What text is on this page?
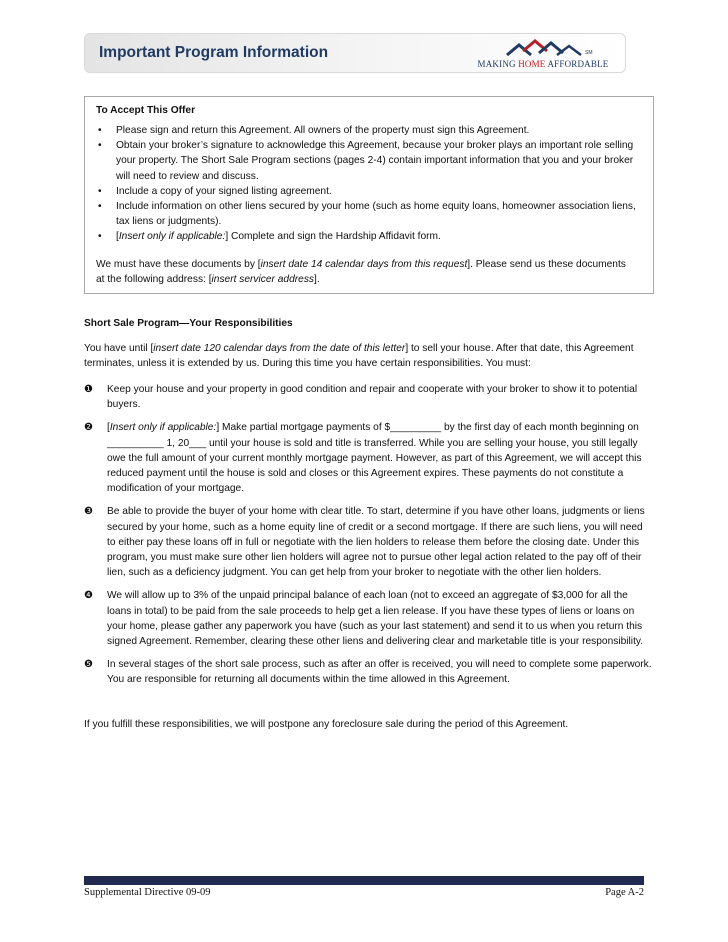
Important Program Information	SM
MAKING HOME AFFORDABLE
To Accept This Offer
• Please sign and return this Agreement. All owners of the property must sign this Agreement.
• Obtain your broker’s signature to acknowledge this Agreement, because your broker plays an important role selling your property. The Short Sale Program sections (pages 2-4) contain important information that you and your broker will need to review and discuss.
• Include a copy of your signed listing agreement.
• Include information on other liens secured by your home (such as home equity loans, homeowner association liens, tax liens or judgments).
• [Insert only if applicable:] Complete and sign the Hardship Affidavit form.

We must have these documents by [insert date 14 calendar days from this request]. Please send us these documents at the following address: [insert servicer address].

Short Sale Program—Your Responsibilities

You have until [insert date 120 calendar days from the date of this letter] to sell your house. After that date, this Agreement terminates, unless it is extended by us. During this time you have certain responsibilities. You must:

❶	Keep your house and your property in good condition and repair and cooperate with your broker to show it to potential buyers.
❷	[Insert only if applicable:] Make partial mortgage payments of $_________ by the first day of each month beginning on __________ 1, 20___ until your house is sold and title is transferred. While you are selling your house, you still legally owe the full amount of your current monthly mortgage payment. However, as part of this Agreement, we will accept this reduced payment until the house is sold and closes or this Agreement expires. These payments do not constitute a modification of your mortgage.
❸	Be able to provide the buyer of your home with clear title. To start, determine if you have other loans, judgments or liens secured by your home, such as a home equity line of credit or a second mortgage. If there are such liens, you will need to either pay these loans off in full or negotiate with the lien holders to release them before the closing date. Under this program, you must make sure other lien holders will agree not to pursue other legal action related to the pay off of their lien, such as a deficiency judgment. You can get help from your broker to negotiate with the other lien holders.
❹	We will allow up to 3% of the unpaid principal balance of each loan (not to exceed an aggregate of $3,000 for all the loans in total) to be paid from the sale proceeds to help get a lien release. If you have these types of liens or loans on your home, please gather any paperwork you have (such as your last statement) and send it to us when you return this signed Agreement. Remember, clearing these other liens and delivering clear and marketable title is your responsibility.
❺	In several stages of the short sale process, such as after an offer is received, you will need to complete some paperwork. You are responsible for returning all documents within the time allowed in this Agreement.

If you fulfill these responsibilities, we will postpone any foreclosure sale during the period of this Agreement.

Supplemental Directive 09-09	Page A-2
